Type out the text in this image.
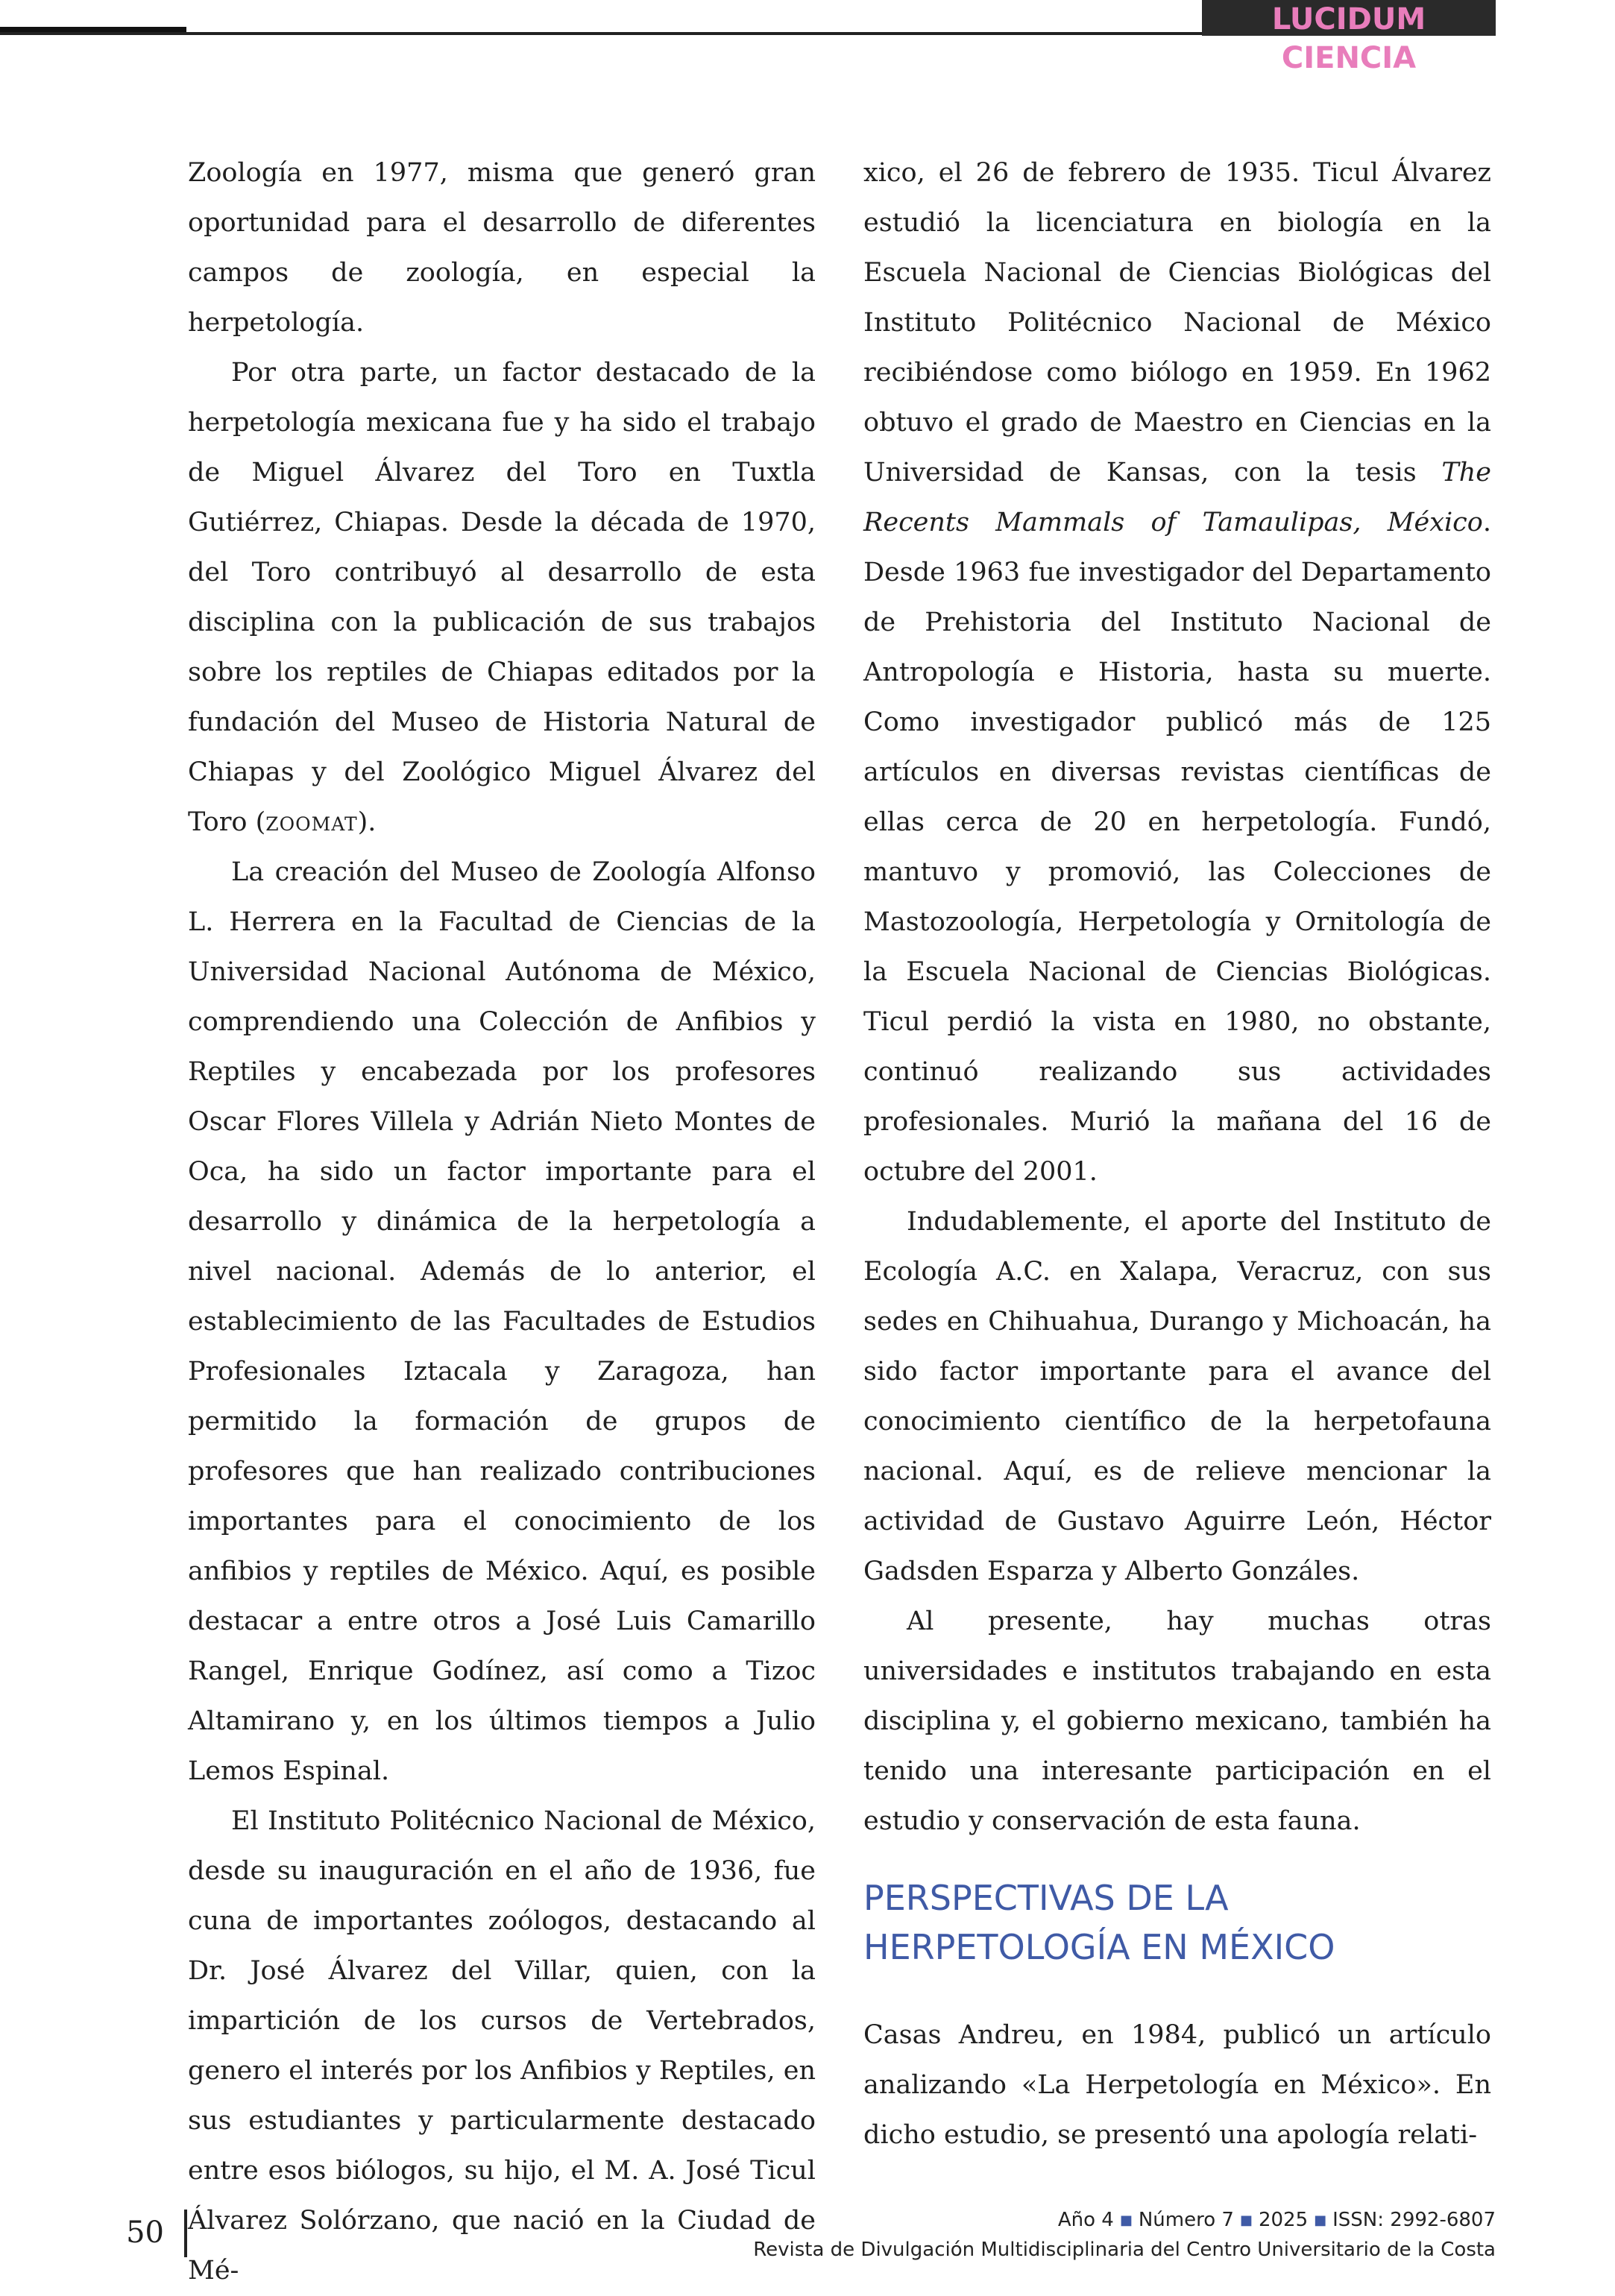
LUCIDUM CIENCIA

Zoología en 1977, misma que generó gran oportunidad para el desarrollo de diferentes campos de zoología, en especial la herpetología.

Por otra parte, un factor destacado de la herpetología mexicana fue y ha sido el trabajo de Miguel Álvarez del Toro en Tuxtla Gutiérrez, Chiapas. Desde la década de 1970, del Toro contribuyó al desarrollo de esta disciplina con la publicación de sus trabajos sobre los reptiles de Chiapas editados por la fundación del Museo de Historia Natural de Chiapas y del Zoológico Miguel Álvarez del Toro (zoomat).

La creación del Museo de Zoología Alfonso L. Herrera en la Facultad de Ciencias de la Universidad Nacional Autónoma de México, comprendiendo una Colección de Anfibios y Reptiles y encabezada por los profesores Oscar Flores Villela y Adrián Nieto Montes de Oca, ha sido un factor importante para el desarrollo y dinámica de la herpetología a nivel nacional. Además de lo anterior, el establecimiento de las Facultades de Estudios Profesionales Iztacala y Zaragoza, han permitido la formación de grupos de profesores que han realizado contribuciones importantes para el conocimiento de los anfibios y reptiles de México. Aquí, es posible destacar a entre otros a José Luis Camarillo Rangel, Enrique Godínez, así como a Tizoc Altamirano y, en los últimos tiempos a Julio Lemos Espinal.

El Instituto Politécnico Nacional de México, desde su inauguración en el año de 1936, fue cuna de importantes zoólogos, destacando al Dr. José Álvarez del Villar, quien, con la impartición de los cursos de Vertebrados, genero el interés por los Anfibios y Reptiles, en sus estudiantes y particularmente destacado entre esos biólogos, su hijo, el M. A. José Ticul Álvarez Solórzano, que nació en la Ciudad de Mé-

xico, el 26 de febrero de 1935. Ticul Álvarez estudió la licenciatura en biología en la Escuela Nacional de Ciencias Biológicas del Instituto Politécnico Nacional de México recibiéndose como biólogo en 1959. En 1962 obtuvo el grado de Maestro en Ciencias en la Universidad de Kansas, con la tesis The Recents Mammals of Tamaulipas, México. Desde 1963 fue investigador del Departamento de Prehistoria del Instituto Nacional de Antropología e Historia, hasta su muerte. Como investigador publicó más de 125 artículos en diversas revistas científicas de ellas cerca de 20 en herpetología. Fundó, mantuvo y promovió, las Colecciones de Mastozoología, Herpetología y Ornitología de la Escuela Nacional de Ciencias Biológicas. Ticul perdió la vista en 1980, no obstante, continuó realizando sus actividades profesionales. Murió la mañana del 16 de octubre del 2001.

Indudablemente, el aporte del Instituto de Ecología A.C. en Xalapa, Veracruz, con sus sedes en Chihuahua, Durango y Michoacán, ha sido factor importante para el avance del conocimiento científico de la herpetofauna nacional. Aquí, es de relieve mencionar la actividad de Gustavo Aguirre León, Héctor Gadsden Esparza y Alberto Gonzáles.

Al presente, hay muchas otras universidades e institutos trabajando en esta disciplina y, el gobierno mexicano, también ha tenido una interesante participación en el estudio y conservación de esta fauna.

PERSPECTIVAS DE LA
HERPETOLOGÍA EN MÉXICO

Casas Andreu, en 1984, publicó un artículo analizando «La Herpetología en México». En dicho estudio, se presentó una apología relati-

50	Año 4 ■ Número 7 ■ 2025 ■ ISSN: 2992-6807
Revista de Divulgación Multidisciplinaria del Centro Universitario de la Costa
